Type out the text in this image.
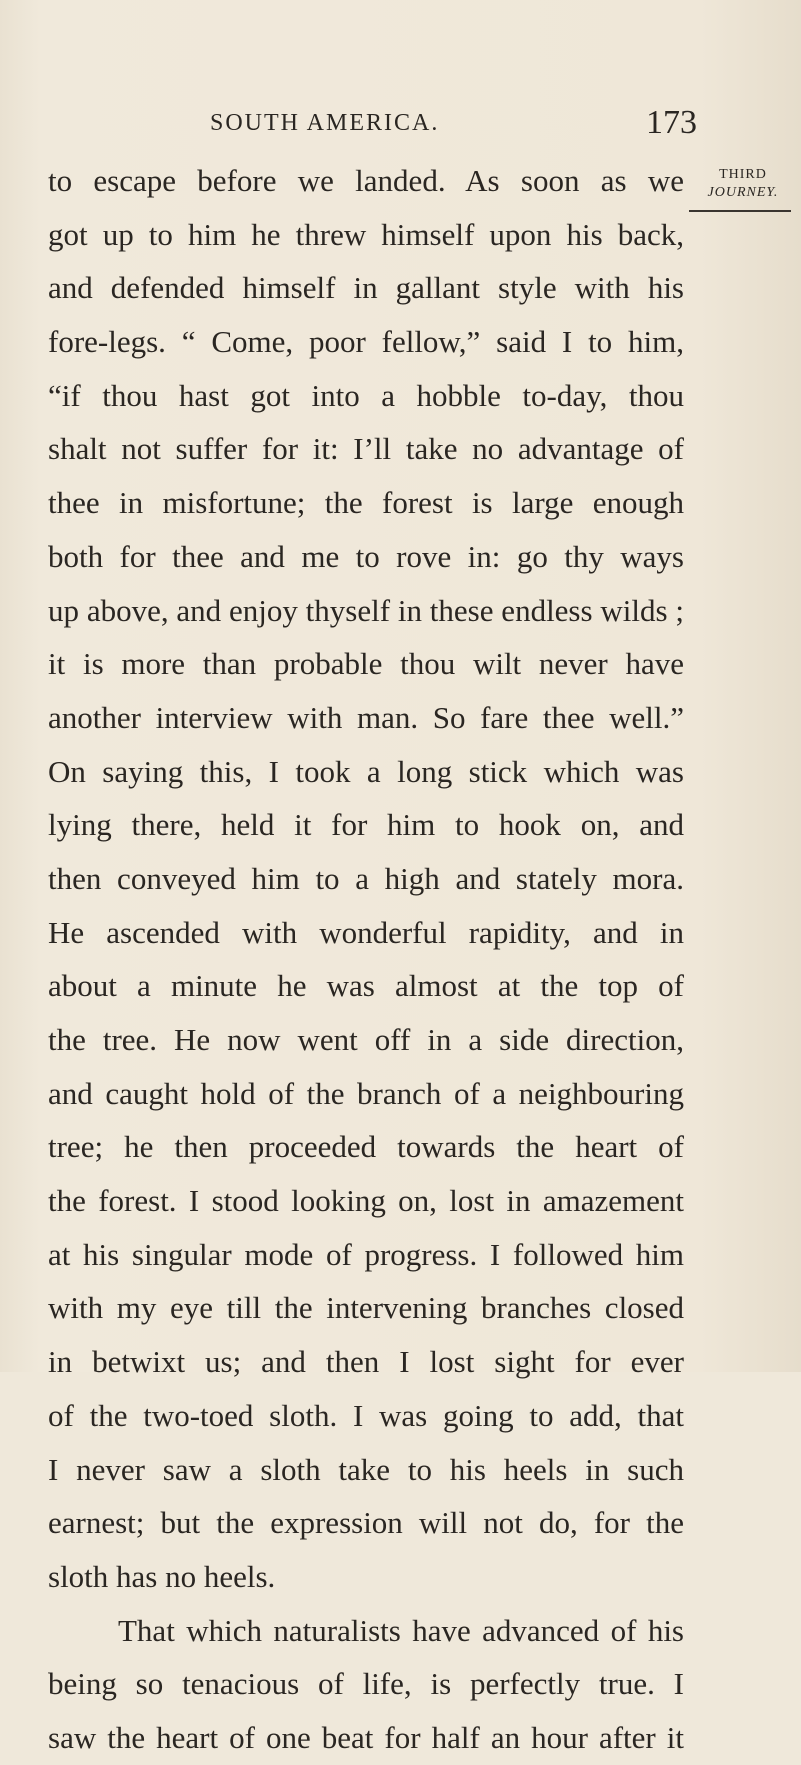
SOUTH AMERICA.	173
THIRD
JOURNEY.
to escape before we landed. As soon as we
got up to him he threw himself upon his back,
and defended himself in gallant style with his
fore-legs. “ Come, poor fellow,” said I to him,
“if thou hast got into a hobble to-day, thou
shalt not suffer for it: I’ll take no advantage of
thee in misfortune; the forest is large enough
both for thee and me to rove in: go thy ways
up above, and enjoy thyself in these endless wilds ;
it is more than probable thou wilt never have
another interview with man. So fare thee well.”
On saying this, I took a long stick which was
lying there, held it for him to hook on, and
then conveyed him to a high and stately mora.
He ascended with wonderful rapidity, and in
about a minute he was almost at the top of
the tree. He now went off in a side direction,
and caught hold of the branch of a neighbouring
tree; he then proceeded towards the heart of
the forest. I stood looking on, lost in amazement
at his singular mode of progress. I followed him
with my eye till the intervening branches closed
in betwixt us; and then I lost sight for ever
of the two-toed sloth. I was going to add, that
I never saw a sloth take to his heels in such
earnest; but the expression will not do, for the
sloth has no heels.
That which naturalists have advanced of his
being so tenacious of life, is perfectly true. I
saw the heart of one beat for half an hour after it
